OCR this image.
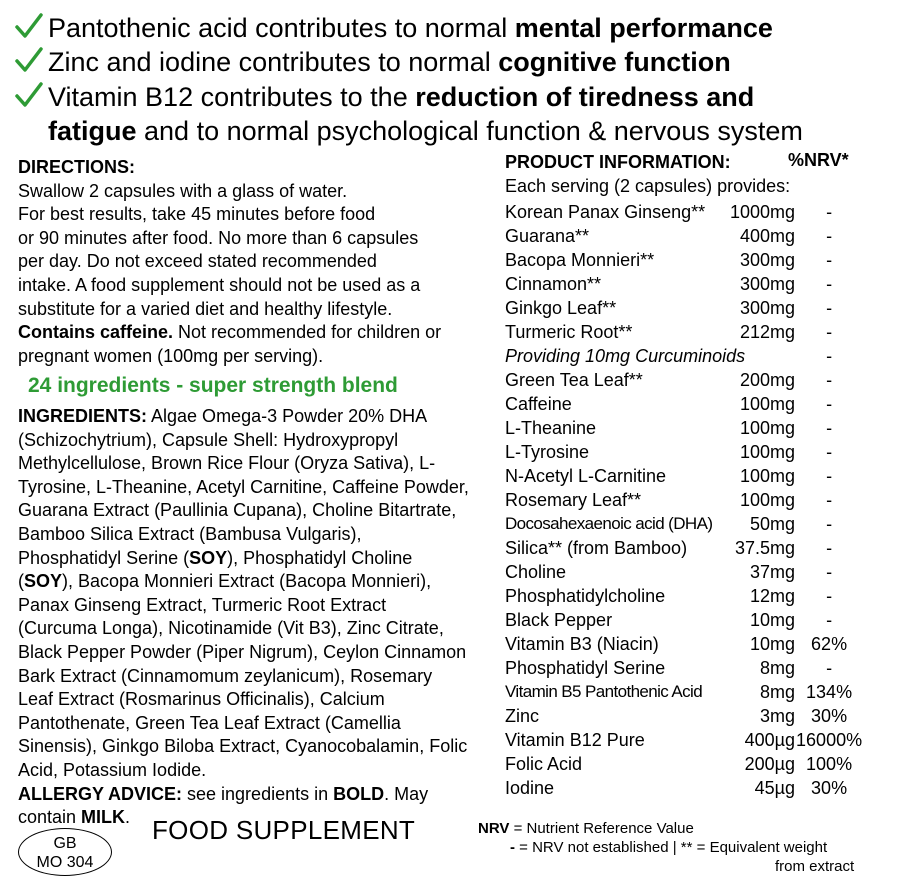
Pantothenic acid contributes to normal mental performance
Zinc and iodine contributes to normal cognitive function
Vitamin B12 contributes to the reduction of tiredness and
fatigue and to normal psychological function & nervous system
DIRECTIONS:
Swallow 2 capsules with a glass of water.
For best results, take 45 minutes before food
or 90 minutes after food. No more than 6 capsules
per day. Do not exceed stated recommended
intake. A food supplement should not be used as a
substitute for a varied diet and healthy lifestyle.
Contains caffeine. Not recommended for children or
pregnant women (100mg per serving).
24 ingredients - super strength blend
INGREDIENTS: Algae Omega-3 Powder 20% DHA
(Schizochytrium), Capsule Shell: Hydroxypropyl
Methylcellulose, Brown Rice Flour (Oryza Sativa), L-
Tyrosine, L-Theanine, Acetyl Carnitine, Caffeine Powder,
Guarana Extract (Paullinia Cupana), Choline Bitartrate,
Bamboo Silica Extract (Bambusa Vulgaris),
Phosphatidyl Serine (SOY), Phosphatidyl Choline
(SOY), Bacopa Monnieri Extract (Bacopa Monnieri),
Panax Ginseng Extract, Turmeric Root Extract
(Curcuma Longa), Nicotinamide (Vit B3), Zinc Citrate,
Black Pepper Powder (Piper Nigrum), Ceylon Cinnamon
Bark Extract (Cinnamomum zeylanicum), Rosemary
Leaf Extract (Rosmarinus Officinalis), Calcium
Pantothenate, Green Tea Leaf Extract (Camellia
Sinensis), Ginkgo Biloba Extract, Cyanocobalamin, Folic
Acid, Potassium Iodide.
ALLERGY ADVICE: see ingredients in BOLD. May
contain MILK.
PRODUCT INFORMATION:	%NRV*
Each serving (2 capsules) provides:
Korean Panax Ginseng**	1000mg	-
Guarana**	400mg	-
Bacopa Monnieri**	300mg	-
Cinnamon**	300mg	-
Ginkgo Leaf**	300mg	-
Turmeric Root**	212mg	-
Providing 10mg Curcuminoids		-
Green Tea Leaf**	200mg	-
Caffeine	100mg	-
L-Theanine	100mg	-
L-Tyrosine	100mg	-
N-Acetyl L-Carnitine	100mg	-
Rosemary Leaf**	100mg	-
Docosahexaenoic acid (DHA)	50mg	-
Silica** (from Bamboo)	37.5mg	-
Choline	37mg	-
Phosphatidylcholine	12mg	-
Black Pepper	10mg	-
Vitamin B3 (Niacin)	10mg	62%
Phosphatidyl Serine	8mg	-
Vitamin B5 Pantothenic Acid	8mg	134%
Zinc	3mg	30%
Vitamin B12 Pure	400µg	16000%
Folic Acid	200µg	100%
Iodine	45µg	30%
GB
MO 304
FOOD SUPPLEMENT	NRV = Nutrient Reference Value
- = NRV not established | ** = Equivalent weight
from extract
